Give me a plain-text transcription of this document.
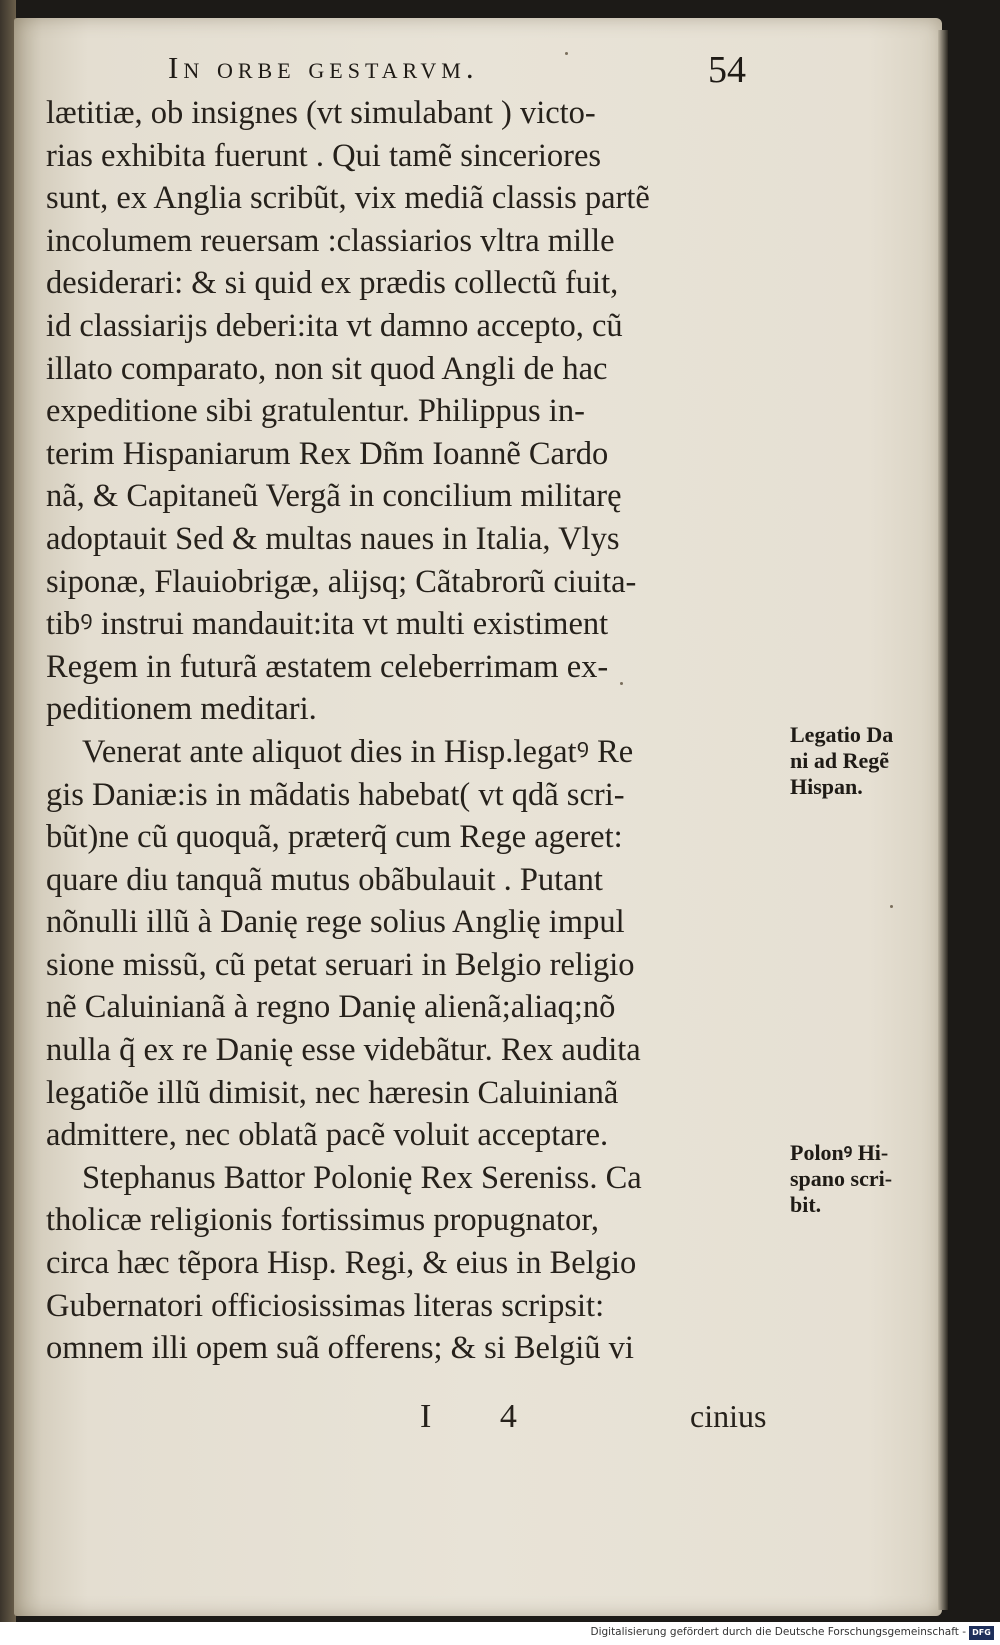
In orbe gestarvm.	54
lætitiæ, ob insignes (vt simulabant ) victo-
rias exhibita fuerunt . Qui tamẽ sinceriores
sunt, ex Anglia scribũt, vix mediã classis partẽ
incolumem reuersam :classiarios vltra mille
desiderari: & si quid ex prædis collectũ fuit,
id classiarijs deberi:ita vt damno accepto, cũ
illato comparato, non sit quod Angli de hac
expeditione sibi gratulentur. Philippus in-
terim Hispaniarum Rex Dñm Ioannẽ Cardo
nã, & Capitaneũ Vergã in concilium militarę
adoptauit Sed & multas naues in Italia, Vlys
siponæ, Flauiobrigæ, alijsq; Cãtabrorũ ciuita-
tibꝰ instrui mandauit:ita vt multi existiment
Regem in futurã æstatem celeberrimam ex-
peditionem meditari.
Venerat ante aliquot dies in Hisp.legatꝰ Re
gis Daniæ:is in mãdatis habebat( vt qdã scri-
bũt)ne cũ quoquã, præterq̃ cum Rege ageret:
quare diu tanquã mutus obãbulauit . Putant
nõnulli illũ à Danię rege solius Anglię impul
sione missũ, cũ petat seruari in Belgio religio
nẽ Caluinianã à regno Danię alienã;aliaq;nõ
nulla q̃ ex re Danię esse videbãtur. Rex audita
legatiõe illũ dimisit, nec hæresin Caluinianã
admittere, nec oblatã pacẽ voluit acceptare.
Stephanus Battor Polonię Rex Sereniss. Ca
tholicæ religionis fortissimus propugnator,
circa hæc tẽpora Hisp. Regi, & eius in Belgio
Gubernatori officiosissimas literas scripsit:
omnem illi opem suã offerens; & si Belgiũ vi
Legatio Da
ni ad Regẽ
Hispan.
Polonꝰ Hi-
spano scri-
bit.
I 4	cinius
Digitalisierung gefördert durch die Deutsche Forschungsgemeinschaft - DFG
